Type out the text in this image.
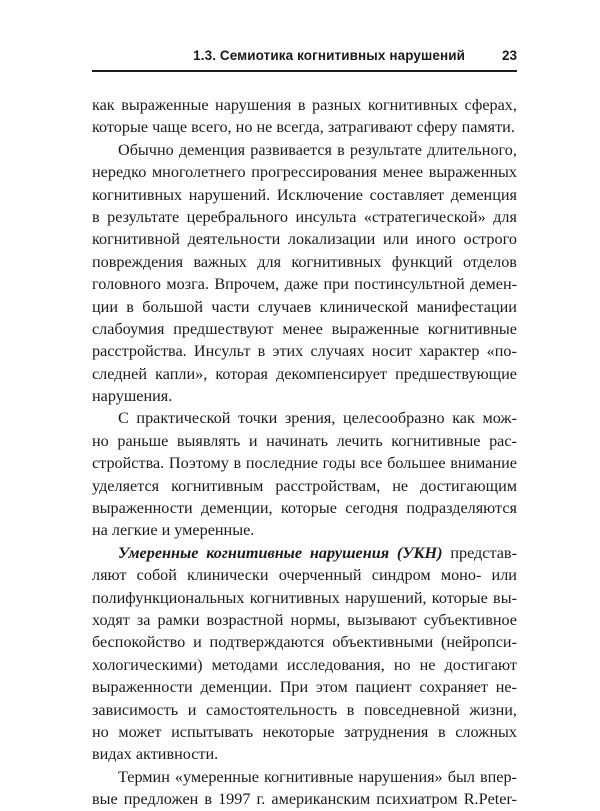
1.3. Семиотика когнитивных нарушений	23
как выраженные нарушения в разных когнитивных сферах,
которые
чаще
всего,
но
не
всегда,
затрагивают
сферу
памяти.
Обычно деменция развивается в результате длительного,
нередко многолетнего прогрессирования менее выраженных
когнитивных нарушений. Исключение составляет деменция
в результате церебрального инсульта «стратегической» для
когнитивной деятельности локализации или иного острого
повреждения важных для когнитивных функций отделов
головного мозга. Впрочем, даже при постинсультной демен-
ции в большой части случаев клинической манифестации
слабоумия предшествуют менее выраженные когнитивные
расстройства. Инсульт в этих случаях носит характер «по-
следней капли», которая декомпенсирует предшествующие
нарушения.
С практической точки зрения, целесообразно как мож-
но раньше выявлять и начинать лечить когнитивные рас-
стройства. Поэтому в последние годы все большее внимание
уделяется когнитивным расстройствам, не достигающим
выраженности деменции, которые сегодня подразделяются
на
легкие
и
умеренные.
Умеренные когнитивные нарушения (УКН) представ-
ляют собой клинически очерченный синдром моно- или
полифункциональных когнитивных нарушений, которые вы-
ходят за рамки возрастной нормы, вызывают субъективное
беспокойство и подтверждаются объективными (нейропси-
хологическими) методами исследования, но не достигают
выраженности деменции. При этом пациент сохраняет не-
зависимость и самостоятельность в повседневной жизни,
но может испытывать некоторые затруднения в сложных
видах
активности.
Термин «умеренные когнитивные нарушения» был впер-
вые предложен в 1997 г. американским психиатром R.Peter-
